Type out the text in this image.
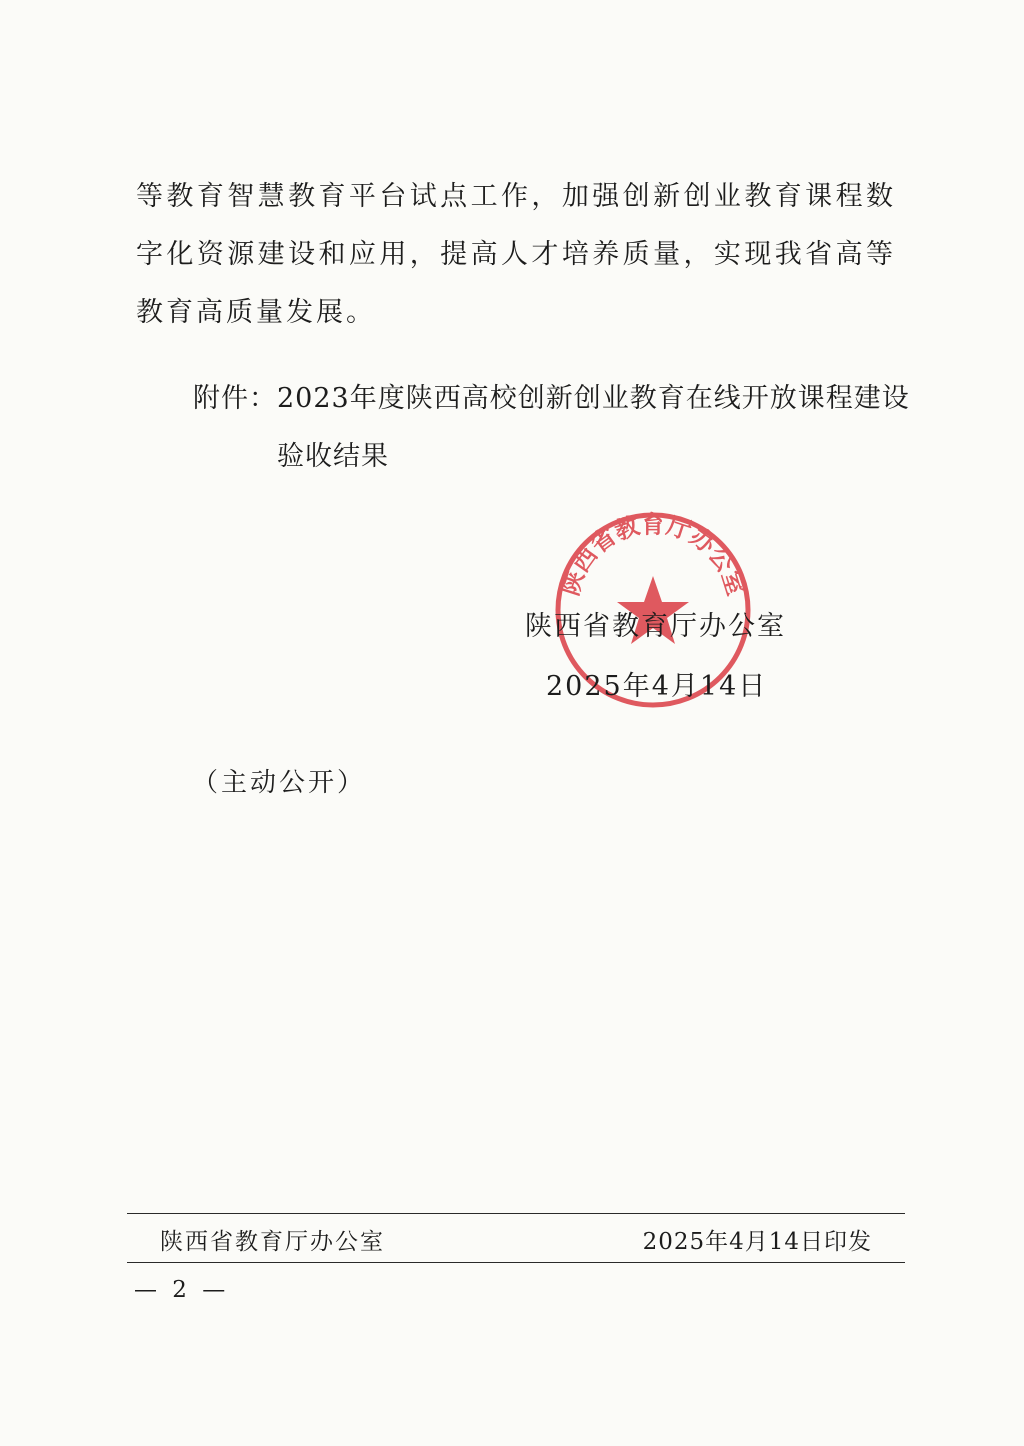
等教育智慧教育平台试点工作，加强创新创业教育课程数字化资源建设和应用，提高人才培养质量，实现我省高等教育高质量发展。
附件：2023年度陕西高校创新创业教育在线开放课程建设
验收结果
陕西省教育厅办公室
陕西省教育厅办公室
2025年4月14日
（主动公开）
陕西省教育厅办公室	2025年4月14日印发
— 2 —
